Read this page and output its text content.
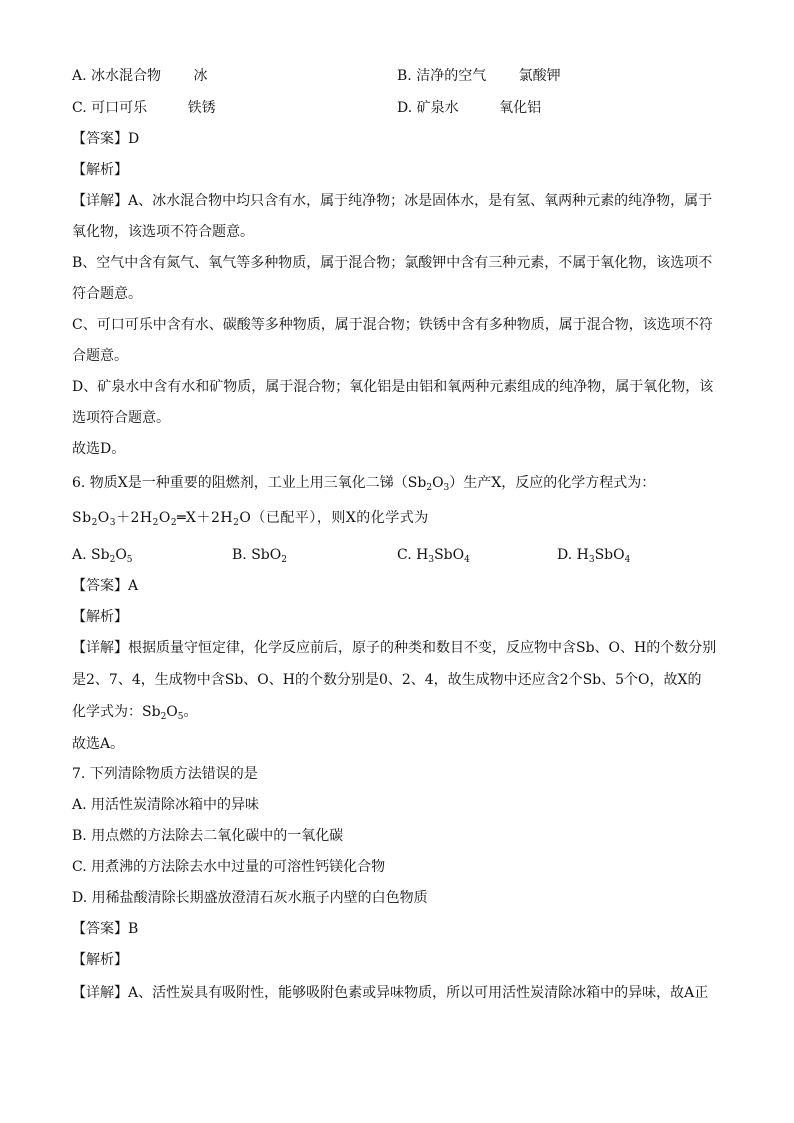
A. 冰水混合物 冰	B. 洁净的空气 氯酸钾
C. 可口可乐	铁锈	D. 矿泉水	氧化铝
【答案】D
【解析】
【详解】A、冰水混合物中均只含有水，属于纯净物；冰是固体水，是有氢、氧两种元素的纯净物，属于
氧化物，该选项不符合题意。
B、空气中含有氮气、氧气等多种物质，属于混合物；氯酸钾中含有三种元素，不属于氧化物，该选项不
符合题意。
C、可口可乐中含有水、碳酸等多种物质，属于混合物；铁锈中含有多种物质，属于混合物，该选项不符
合题意。
D、矿泉水中含有水和矿物质，属于混合物；氧化铝是由铝和氧两种元素组成的纯净物，属于氧化物，该
选项符合题意。
故选D。
6. 物质X是一种重要的阻燃剂，工业上用三氧化二锑$(Sb_2O_3)$生产X，反应的化学方程式为：
$Sb_2O_3+2H_2O_2═X+2H_2O$（已配平），则X的化学式为
A. $Sb_2O_5$	B. SbO$_2$	C. $H_3SbO_4$	D. $H_3SbO_4$
【答案】A
【解析】
【详解】根据质量守恒定律，化学反应前后，原子的种类和数目不变，反应物中含Sb、O、H的个数分别
是2、7、4，生成物中含Sb、O、H的个数分别是0、2、4，故生成物中还应含2个Sb、5个O，故X的
化学式为：$Sb_2O_5$。
故选A。
7. 下列清除物质方法错误的是
A. 用活性炭清除冰箱中的异味
B. 用点燃的方法除去二氧化碳中的一氧化碳
C. 用煮沸的方法除去水中过量的可溶性钙镁化合物
D. 用稀盐酸清除长期盛放澄清石灰水瓶子内壁的白色物质
【答案】B
【解析】
【详解】A、活性炭具有吸附性，能够吸附色素或异味物质，所以可用活性炭清除冰箱中的异味，故A正
